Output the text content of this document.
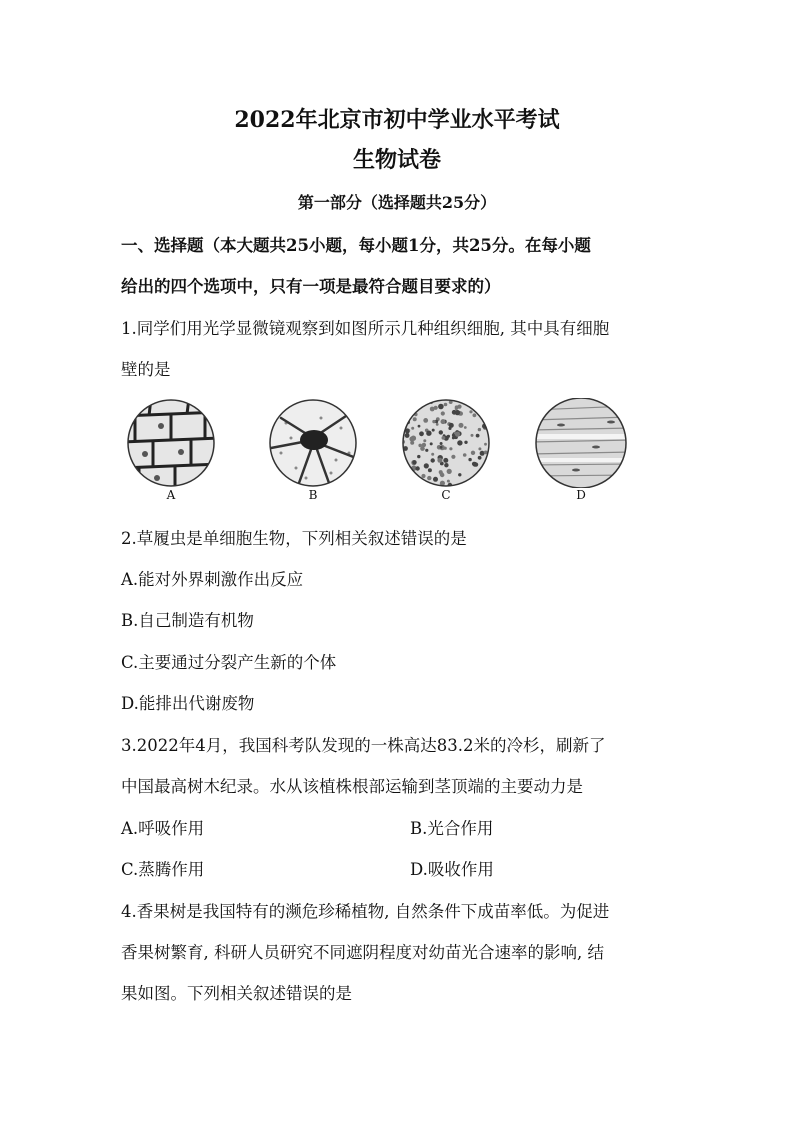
2022年北京市初中学业水平考试
生物试卷
第一部分（选择题共25分）
一、选择题（本大题共25小题，每小题1分，共25分。在每小题
给出的四个选项中，只有一项是最符合题目要求的）
1.同学们用光学显微镜观察到如图所示几种组织细胞, 其中具有细胞
壁的是
A	B	C	D
2.草履虫是单细胞生物，下列相关叙述错误的是
A.能对外界刺激作出反应
B.自己制造有机物
C.主要通过分裂产生新的个体
D.能排出代谢废物
3.2022年4月，我国科考队发现的一株高达83.2米的冷杉，刷新了
中国最高树木纪录。水从该植株根部运输到茎顶端的主要动力是
A.呼吸作用	B.光合作用
C.蒸腾作用	D.吸收作用
4.香果树是我国特有的濒危珍稀植物, 自然条件下成苗率低。为促进
香果树繁育, 科研人员研究不同遮阴程度对幼苗光合速率的影响, 结
果如图。下列相关叙述错误的是
